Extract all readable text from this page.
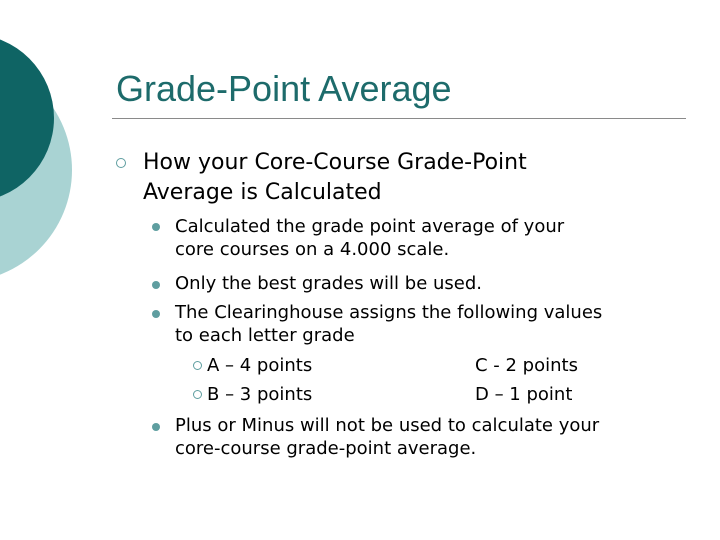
Grade-Point Average
How your Core-Course Grade-Point
Average is Calculated
Calculated the grade point average of your
core courses on a 4.000 scale.
Only the best grades will be used.
The Clearinghouse assigns the following values
to each letter grade
A – 4 points	C - 2 points
B – 3 points	D – 1 point
Plus or Minus will not be used to calculate your
core-course grade-point average.
